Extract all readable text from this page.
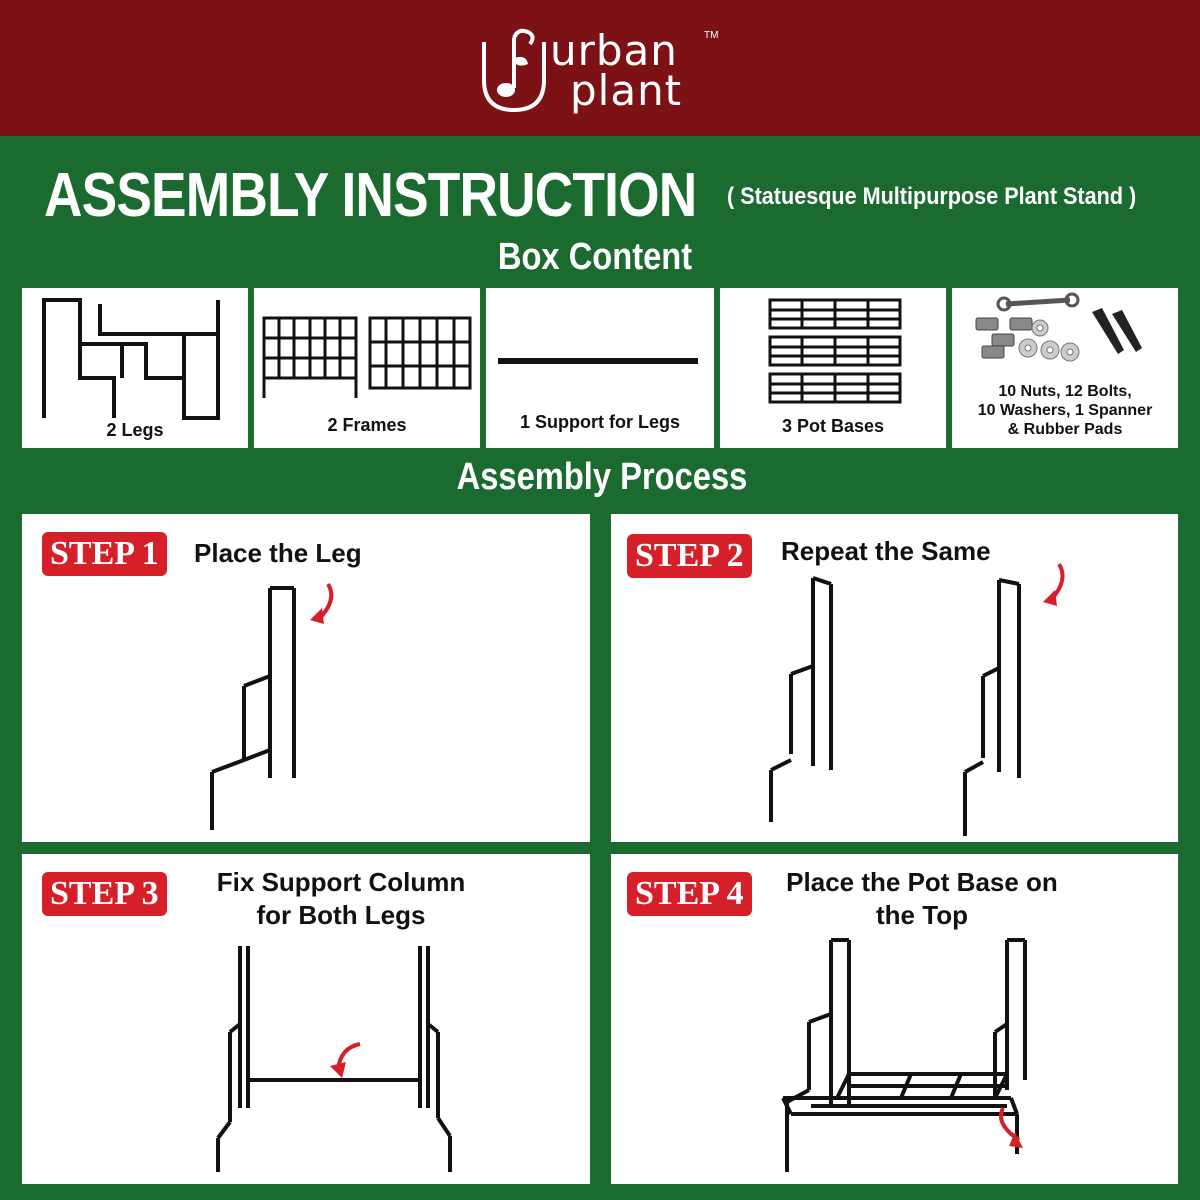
urban
plant
TM
ASSEMBLY INSTRUCTION ( Statuesque Multipurpose Plant Stand )
Box Content
2 Legs	2 Frames	1 Support for Legs	3 Pot Bases
10 Nuts, 12 Bolts,
10 Washers, 1 Spanner
& Rubber Pads
Assembly Process
STEP 1	Place the Leg	STEP 2	Repeat the Same
STEP 3	Fix Support Column
for Both Legs
STEP 4	Place the Pot Base on
the Top
